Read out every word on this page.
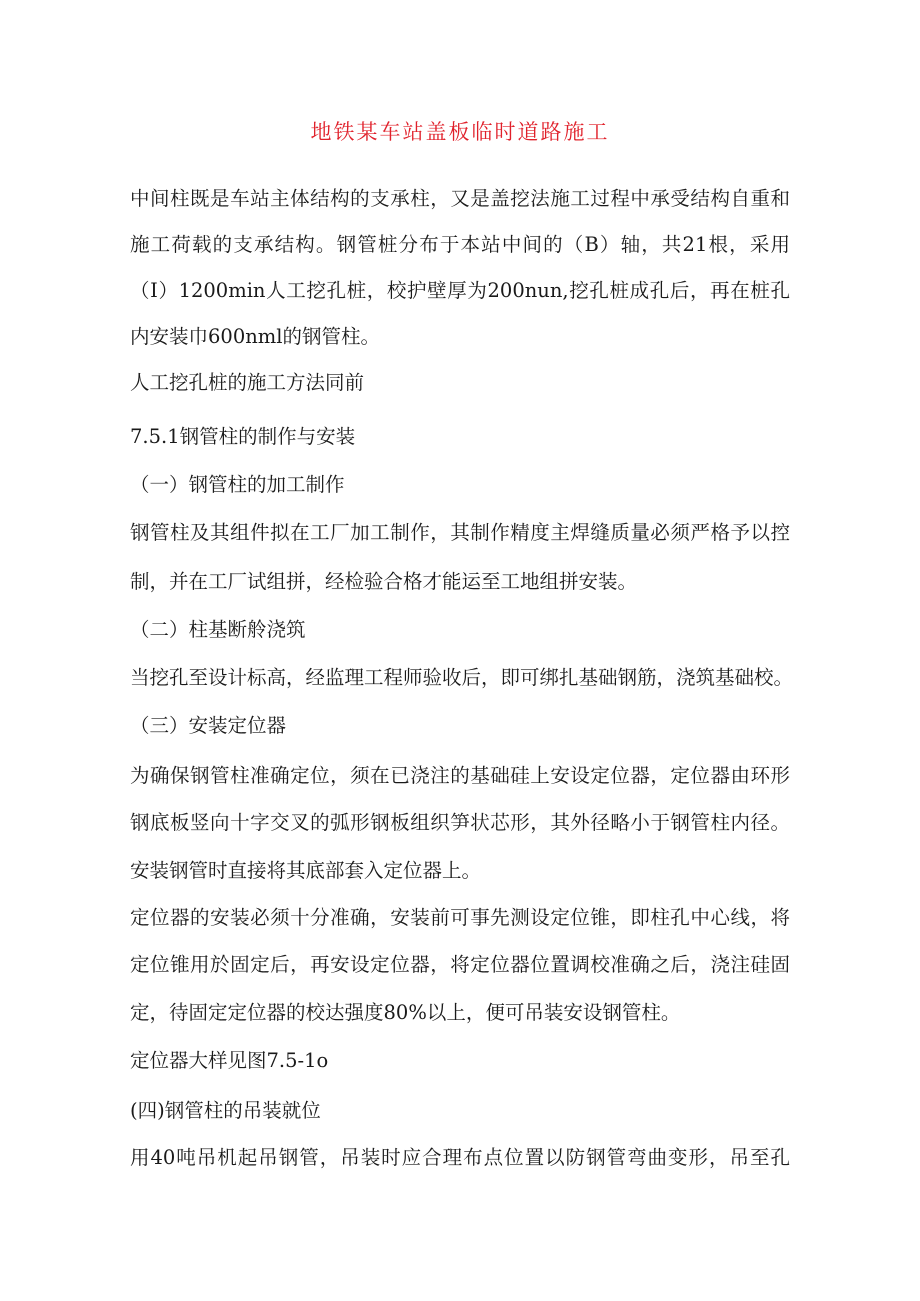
地铁某车站盖板临时道路施工
中间柱既是车站主体结构的支承柱，又是盖挖法施工过程中承受结构自重和
施工荷载的支承结构。钢管桩分布于本站中间的（B）轴，共21根，采用
（I）1200min人工挖孔桩，校护壁厚为200nun,挖孔桩成孔后，再在桩孔
内安装巾600nml的钢管柱。
人工挖孔桩的施工方法同前
7.5.1钢管柱的制作与安装
（一）钢管柱的加工制作
钢管柱及其组件拟在工厂加工制作，其制作精度主焊缝质量必须严格予以控
制，并在工厂试组拼，经检验合格才能运至工地组拼安装。
（二）柱基断舲浇筑
当挖孔至设计标高，经监理工程师验收后，即可绑扎基础钢筋，浇筑基础校。
（三）安装定位器
为确保钢管柱准确定位，须在已浇注的基础硅上安设定位器，定位器由环形
钢底板竖向十字交叉的弧形钢板组织笋状芯形，其外径略小于钢管柱内径。
安装钢管时直接将其底部套入定位器上。
定位器的安装必须十分准确，安装前可事先测设定位锥，即柱孔中心线，将
定位锥用於固定后，再安设定位器，将定位器位置调校准确之后，浇注硅固
定，待固定定位器的校达强度80%以上，便可吊装安设钢管柱。
定位器大样见图7.5-1o
(四)钢管柱的吊装就位
用40吨吊机起吊钢管，吊装时应合理布点位置以防钢管弯曲变形，吊至孔
